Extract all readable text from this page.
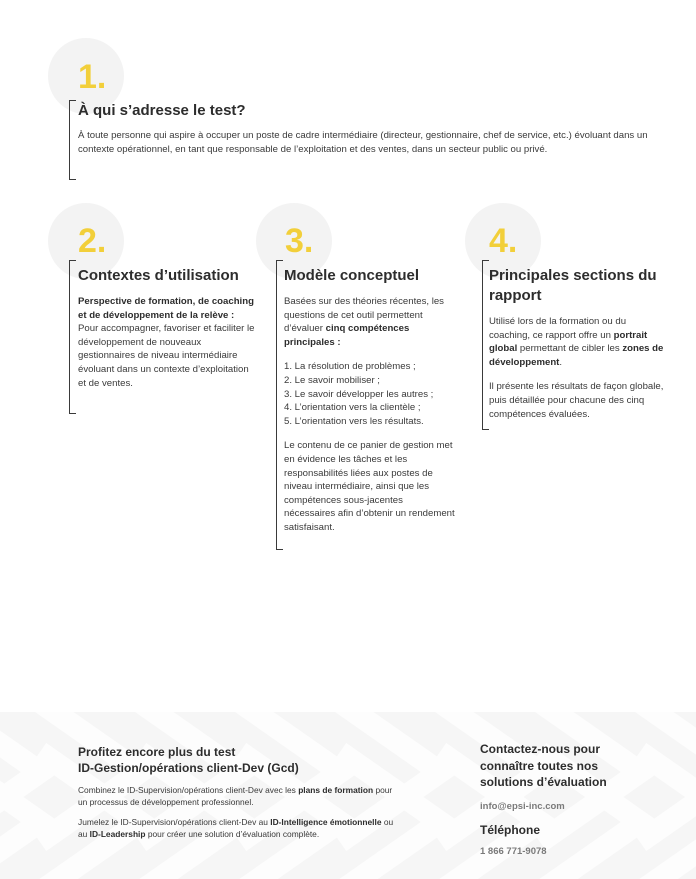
1.
À qui s’adresse le test?

À toute personne qui aspire à occuper un poste de cadre intermédiaire (directeur, gestionnaire, chef de service, etc.) évoluant dans un contexte opérationnel, en tant que responsable de l’exploitation et des ventes, dans un secteur public ou privé.

2.
Contextes d’utilisation

Perspective de formation, de coaching et de développement de la relève :

Pour accompagner, favoriser et faciliter le développement de nouveaux gestionnaires de niveau intermédiaire évoluant dans un contexte d’exploitation et de ventes.

3.
Modèle conceptuel

Basées sur des théories récentes, les questions de cet outil permettent d’évaluer cinq compétences principales :

1. La résolution de problèmes ;

2. Le savoir mobiliser ;

3. Le savoir développer les autres ;

4. L’orientation vers la clientèle ;

5. L’orientation vers les résultats.

Le contenu de ce panier de gestion met en évidence les tâches et les responsabilités liées aux postes de niveau intermédiaire, ainsi que les compétences sous-jacentes nécessaires afin d’obtenir un rendement satisfaisant.

4.
Principales sections du rapport

Utilisé lors de la formation ou du coaching, ce rapport offre un portrait global permettant de cibler les zones de développement.

Il présente les résultats de façon globale, puis détaillée pour chacune des cinq compétences évaluées.

Profitez encore plus du test
ID-Gestion/opérations client-Dev (Gcd)

Combinez le ID-Supervision/opérations client-Dev avec les plans de formation pour un processus de développement professionnel.

Jumelez le ID-Supervision/opérations client-Dev au ID-Intelligence émotionnelle ou au ID-Leadership pour créer une solution d’évaluation complète.

Contactez-nous pour connaître toutes nos solutions d’évaluation
info@epsi-inc.com
Téléphone
1 866 771-9078
